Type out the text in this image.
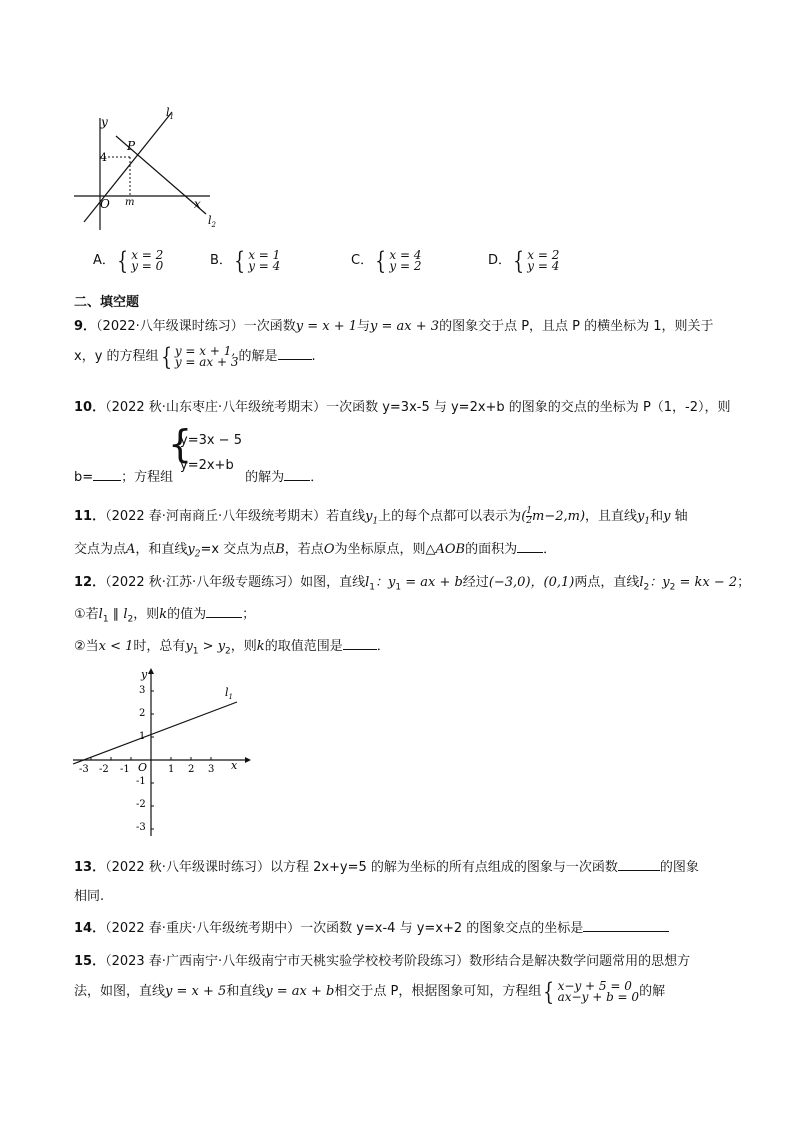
y
x
O
P
4
m
$l_1$
$l_2$
A． { x = 2
y = 0	B． { x = 1
y = 4	C． { x = 4
y = 2	D． { x = 2
y = 4
二、填空题
9．（2022·八年级课时练习）一次函数y = x + 1与y = ax + 3的图象交于点 P，且点 P 的横坐标为 1，则关于
x，y 的方程组 { y = x + 1,
y = ax + 3 的解是	.
10．（2022 秋·山东枣庄·八年级统考期末）一次函数 y=3x-5 与 y=2x+b 的图象的交点的坐标为 P（1，-2），则
{
y=3x − 5
y=2x+b
b= ；方程组	的解为 ．
11．（2022 春·河南商丘·八年级统考期末）若直线$y_1$上的每个点都可以表示为( $\frac{1}{2} m-2,m$)，且直线$y_1$和y 轴
交点为点A，和直线$y_2=x$ 交点为点B，若点O为坐标原点，则△AOB的面积为 ．
12．（2022 秋·江苏·八年级专题练习）如图，直线$l_1$：$y_1$ = ax + b经过(−3,0)，(0,1)两点，直线$l_2$：$y_2$ = kx − 2；
①若$l_1$ ∥ $l_2$，则k的值为	；
②当x < 1时，总有$y_1 > y_2$，则k的取值范围是	．
y
x
O
$l_1$
-3 -2 -1	1 2 3
3
2
1
-1
-2
-3
13．（2022 秋·八年级课时练习）以方程 2x+y=5 的解为坐标的所有点组成的图象与一次函数	的图象
相同.
14．（2022 春·重庆·八年级统考期中）一次函数 y=x-4 与 y=x+2 的图象交点的坐标是
15．（2023 春·广西南宁·八年级南宁市天桃实验学校校考阶段练习）数形结合是解决数学问题常用的思想方
法，如图，直线y = x + 5和直线y = ax + b相交于点 P，根据图象可知，方程组 { x−y + 5 = 0
ax−y + b = 0 的解
